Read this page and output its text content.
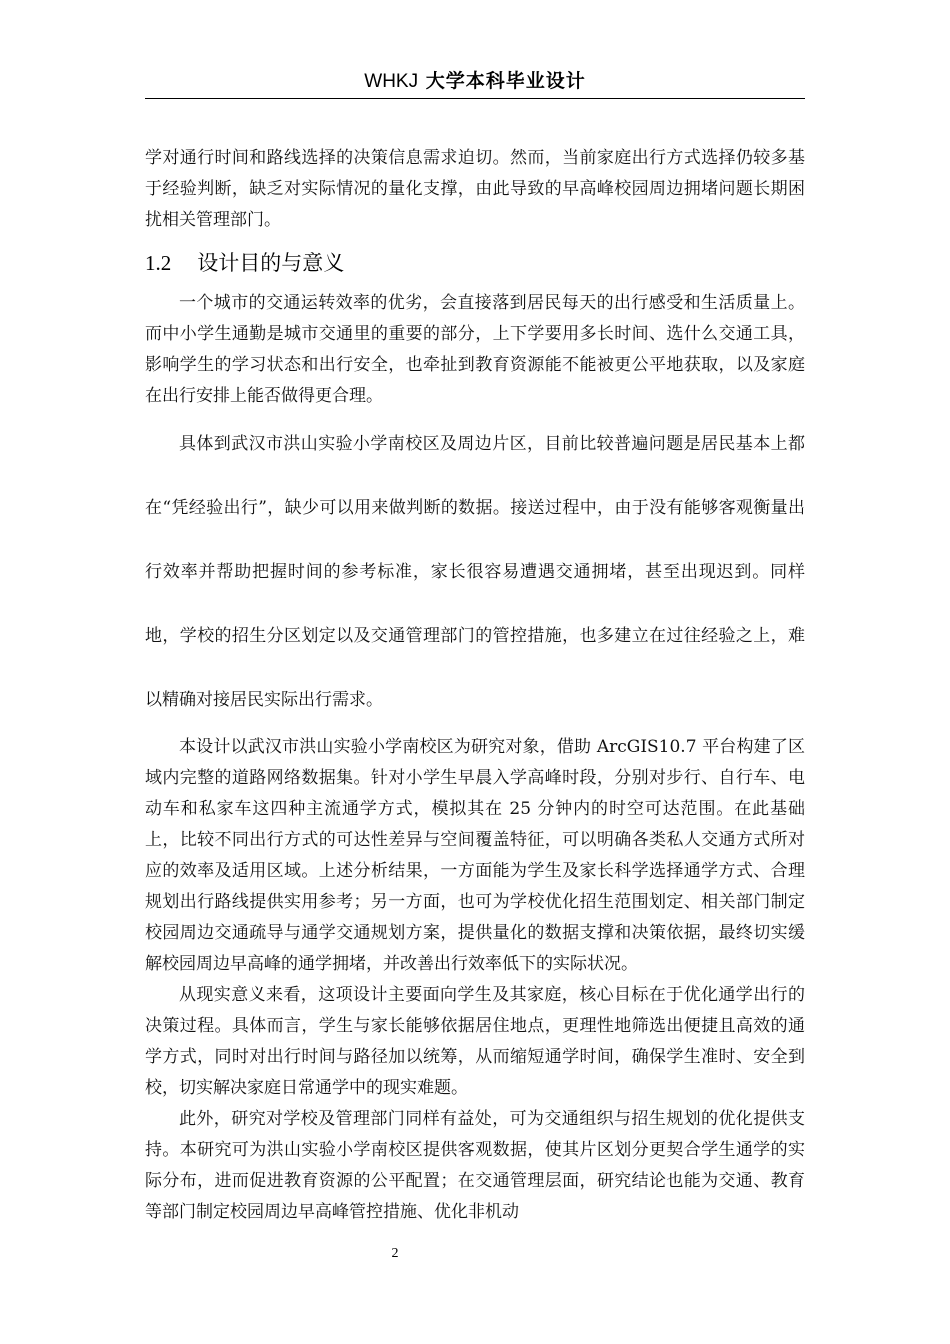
WHKJ 大学本科毕业设计

学对通行时间和路线选择的决策信息需求迫切。然而，当前家庭出行方式选择仍较多基于经验判断，缺乏对实际情况的量化支撑，由此导致的早高峰校园周边拥堵问题长期困扰相关管理部门。

1.2 设计目的与意义

一个城市的交通运转效率的优劣，会直接落到居民每天的出行感受和生活质量上。而中小学生通勤是城市交通里的重要的部分，上下学要用多长时间、选什么交通工具，影响学生的学习状态和出行安全，也牵扯到教育资源能不能被更公平地获取，以及家庭在出行安排上能否做得更合理。

具体到武汉市洪山实验小学南校区及周边片区，目前比较普遍问题是居民基本上都在“凭经验出行”，缺少可以用来做判断的数据。接送过程中，由于没有能够客观衡量出行效率并帮助把握时间的参考标准，家长很容易遭遇交通拥堵，甚至出现迟到。同样地，学校的招生分区划定以及交通管理部门的管控措施，也多建立在过往经验之上，难以精确对接居民实际出行需求。

本设计以武汉市洪山实验小学南校区为研究对象，借助 ArcGIS10.7 平台构建了区域内完整的道路网络数据集。针对小学生早晨入学高峰时段，分别对步行、自行车、电动车和私家车这四种主流通学方式，模拟其在 25 分钟内的时空可达范围。在此基础上，比较不同出行方式的可达性差异与空间覆盖特征，可以明确各类私人交通方式所对应的效率及适用区域。上述分析结果，一方面能为学生及家长科学选择通学方式、合理规划出行路线提供实用参考；另一方面，也可为学校优化招生范围划定、相关部门制定校园周边交通疏导与通学交通规划方案，提供量化的数据支撑和决策依据，最终切实缓解校园周边早高峰的通学拥堵，并改善出行效率低下的实际状况。

从现实意义来看，这项设计主要面向学生及其家庭，核心目标在于优化通学出行的决策过程。具体而言，学生与家长能够依据居住地点，更理性地筛选出便捷且高效的通学方式，同时对出行时间与路径加以统筹，从而缩短通学时间，确保学生准时、安全到校，切实解决家庭日常通学中的现实难题。

此外，研究对学校及管理部门同样有益处，可为交通组织与招生规划的优化提供支持。本研究可为洪山实验小学南校区提供客观数据，使其片区划分更契合学生通学的实际分布，进而促进教育资源的公平配置；在交通管理层面，研究结论也能为交通、教育等部门制定校园周边早高峰管控措施、优化非机动

2
